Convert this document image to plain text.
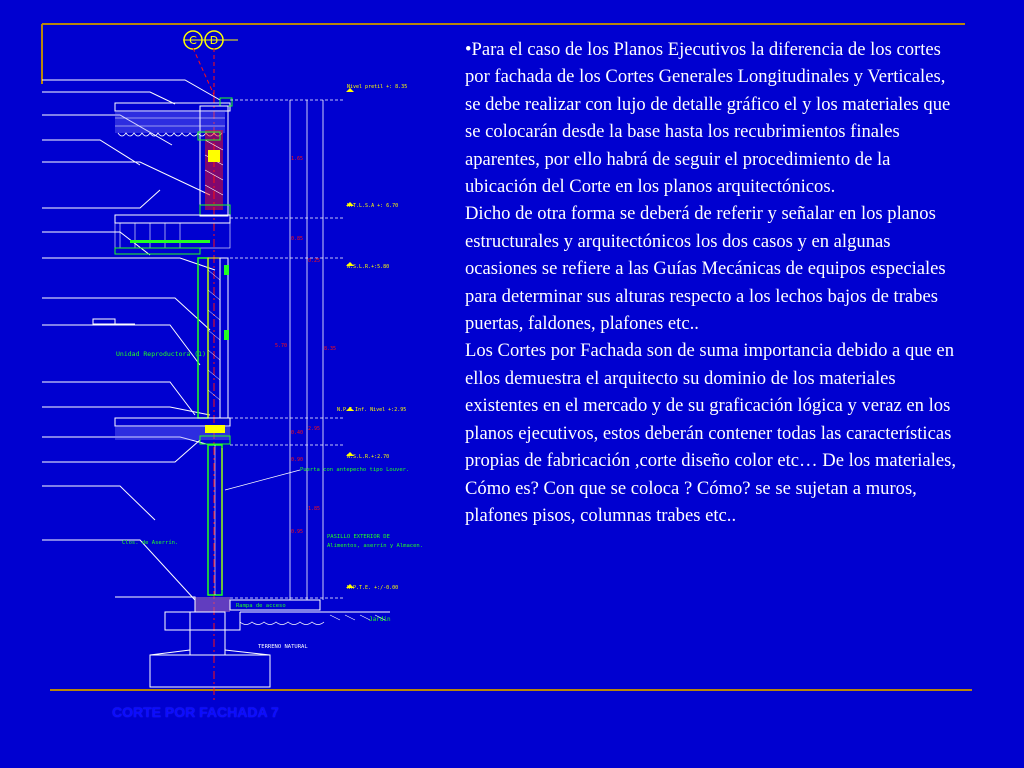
C D
Nivel pretil +: 8.35
N.T.L.S.A +: 6.70
N.S.L.R.+:5.80
N.P.T.Inf. Nivel +:2.95
N.S.L.R.+:2.70
N.P.T.E. +:/-0.00
1.65
0.85
5.70
0.40
0.90
0.95
0.25
1.85
2.95
8.35
Unidad Reproductora (1)
Puerta con antepecho tipo Louver.
PASILLO EXTERIOR DE
Alimentos, aserrín y Almacen.
Clos. de Aserrín.
Rampa de acceso
Jardin
TERRENO NATURAL

•Para el caso de los Planos Ejecutivos la diferencia de los cortes por fachada de los Cortes Generales Longitudinales y Verticales, se debe realizar con lujo de detalle gráfico el y los materiales que se colocarán desde la base hasta los recubrimientos finales aparentes, por ello habrá de seguir el procedimiento de la ubicación del Corte en los planos arquitectónicos.

Dicho de otra forma se deberá de referir y señalar en los planos estructurales y arquitectónicos los dos casos y en algunas ocasiones se refiere a las Guías Mecánicas de equipos especiales para determinar sus alturas respecto a los lechos bajos de trabes puertas, faldones, plafones etc..

Los Cortes por Fachada son de suma importancia debido a que en ellos demuestra el arquitecto su dominio de los materiales existentes en el mercado y de su graficación lógica y veraz en los planos ejecutivos, estos deberán contener todas las características propias de fabricación ,corte diseño color etc… De los materiales, Cómo es? Con que se coloca ? Cómo? se se sujetan a muros, plafones pisos, columnas trabes etc..

CORTE POR FACHADA 7
